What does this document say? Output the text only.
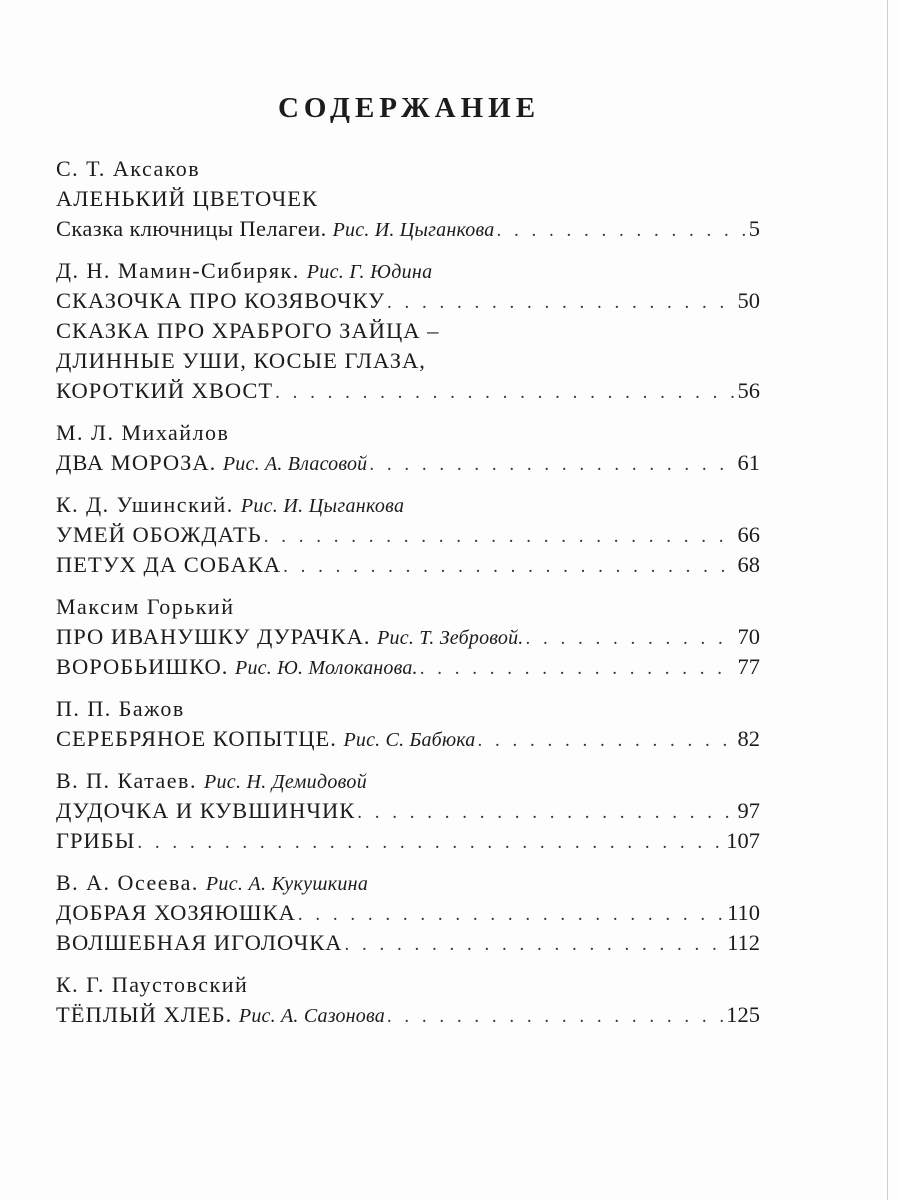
СОДЕРЖАНИЕ
С. Т. Аксаков
АЛЕНЬКИЙ ЦВЕТОЧЕК
Сказка ключницы Пелагеи. Рис. И. Цыганкова . . .	5
Д. Н. Мамин-Сибиряк. Рис. Г. Юдина
СКАЗОЧКА ПРО КОЗЯВОЧКУ . . .	50
СКАЗКА ПРО ХРАБРОГО ЗАЙЦА –
ДЛИННЫЕ УШИ, КОСЫЕ ГЛАЗА,
КОРОТКИЙ ХВОСТ . . .	56
М. Л. Михайлов
ДВА МОРОЗА. Рис. А. Власовой . . .	61
К. Д. Ушинский. Рис. И. Цыганкова
УМЕЙ ОБОЖДАТЬ . . .	66
ПЕТУХ ДА СОБАКА . . .	68
Максим Горький
ПРО ИВАНУШКУ ДУРАЧКА. Рис. Т. Зебровой. . . .	70
ВОРОБЬИШКО. Рис. Ю. Молоканова. . . .	77
П. П. Бажов
СЕРЕБРЯНОЕ КОПЫТЦЕ. Рис. С. Бабюка . . .	82
В. П. Катаев. Рис. Н. Демидовой
ДУДОЧКА И КУВШИНЧИК . . .	97
ГРИБЫ . . .	107
В. А. Осеева. Рис. А. Кукушкина
ДОБРАЯ ХОЗЯЮШКА . . .	110
ВОЛШЕБНАЯ ИГОЛОЧКА . . .	112
К. Г. Паустовский
ТЁПЛЫЙ ХЛЕБ. Рис. А. Сазонова . . .	125
